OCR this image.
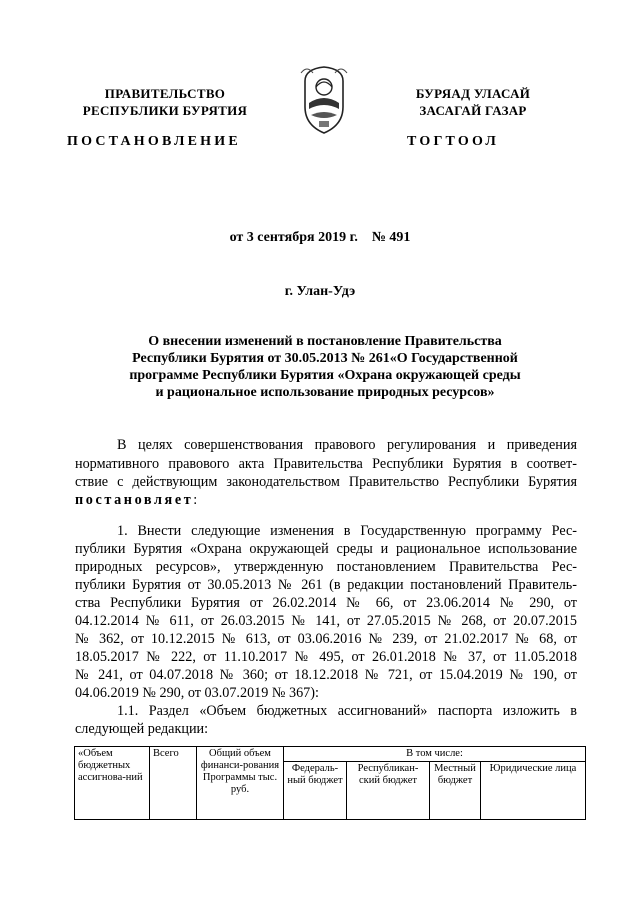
ПРАВИТЕЛЬСТВО
РЕСПУБЛИКИ БУРЯТИЯ
БУРЯАД УЛАСАЙ
ЗАСАГАЙ ГАЗАР
ПОСТАНОВЛЕНИЕ	ТОГТООЛ
от 3 сентября 2019 г.    № 491
г. Улан-Удэ
О внесении изменений в постановление Правительства
Республики Бурятия от 30.05.2013 № 261«О Государственной
программе Республики Бурятия «Охрана окружающей среды
и рациональное использование природных ресурсов»
В целях совершенствования правового регулирования и приведения
нормативного правового акта Правительства Республики Бурятия в соответ-
ствие с действующим законодательством Правительство Республики Бурятия
постановляет:
1. Внести следующие изменения в Государственную программу Рес-
публики Бурятия «Охрана окружающей среды и рациональное использование
природных ресурсов», утвержденную постановлением Правительства Рес-
публики Бурятия от 30.05.2013 № 261 (в редакции постановлений Правитель-
ства Республики Бурятия от 26.02.2014 № 66, от 23.06.2014 № 290, от
04.12.2014 № 611, от 26.03.2015 № 141, от 27.05.2015 № 268, от 20.07.2015
№ 362, от 10.12.2015 № 613, от 03.06.2016 № 239, от 21.02.2017 № 68, от
18.05.2017 № 222, от 11.10.2017 № 495, от 26.01.2018 № 37, от 11.05.2018
№ 241, от 04.07.2018 № 360; от 18.12.2018 № 721, от 15.04.2019 № 190, от
04.06.2019 № 290, от 03.07.2019 № 367):
1.1. Раздел «Объем бюджетных ассигнований» паспорта изложить в
следующей редакции:
«Объем бюджетных ассигнова-ний	Всего	Общий объем финанси-рования Программы тыс. руб.	В том числе:			
			Федераль-ный бюджет	Республикан-ский бюджет	Местный бюджет	Юридические лица
